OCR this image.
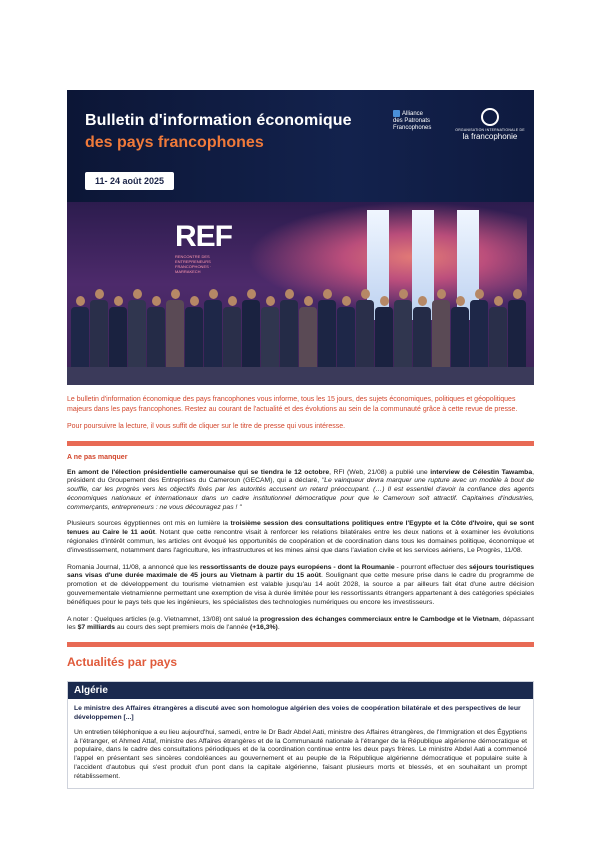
Bulletin d'information économique
des pays francophones
11- 24 août 2025
Alliance
des Patronats
Francophones	ORGANISATION INTERNATIONALE DE
la francophonie
REF
RENCONTRE DES ENTREPRENEURS FRANCOPHONES · MARRAKECH

Le bulletin d'information économique des pays francophones vous informe, tous les 15 jours, des sujets économiques, politiques et géopolitiques majeurs dans les pays francophones. Restez au courant de l'actualité et des évolutions au sein de la communauté grâce à cette revue de presse.

Pour poursuivre la lecture, il vous suffit de cliquer sur le titre de presse qui vous intéresse.

A ne pas manquer

En amont de l'élection présidentielle camerounaise qui se tiendra le 12 octobre, RFI (Web, 21/08) a publié une interview de Célestin Tawamba, président du Groupement des Entreprises du Cameroun (GECAM), qui a déclaré, "Le vainqueur devra marquer une rupture avec un modèle à bout de souffle, car les progrès vers les objectifs fixés par les autorités accusent un retard préoccupant. (…) Il est essentiel d'avoir la confiance des agents économiques nationaux et internationaux dans un cadre institutionnel démocratique pour que le Cameroun soit attractif. Capitaines d'industries, commerçants, entrepreneurs : ne vous découragez pas ! "

Plusieurs sources égyptiennes ont mis en lumière la troisième session des consultations politiques entre l'Egypte et la Côte d'Ivoire, qui se sont tenues au Caire le 11 août. Notant que cette rencontre visait à renforcer les relations bilatérales entre les deux nations et à examiner les évolutions régionales d'intérêt commun, les articles ont évoqué les opportunités de coopération et de coordination dans tous les domaines politique, économique et d'investissement, notamment dans l'agriculture, les infrastructures et les mines ainsi que dans l'aviation civile et les services aériens, Le Progrès, 11/08.

Romania Journal, 11/08, a annoncé que les ressortissants de douze pays européens - dont la Roumanie - pourront effectuer des séjours touristiques sans visas d'une durée maximale de 45 jours au Vietnam à partir du 15 août. Soulignant que cette mesure prise dans le cadre du programme de promotion et de développement du tourisme vietnamien est valable jusqu'au 14 août 2028, la source a par ailleurs fait état d'une autre décision gouvernementale vietnamienne permettant une exemption de visa à durée limitée pour les ressortissants étrangers appartenant à des catégories spéciales bénéfiques pour le pays tels que les ingénieurs, les spécialistes des technologies numériques ou encore les investisseurs.

A noter : Quelques articles (e.g. Vietnamnet, 13/08) ont salué la progression des échanges commerciaux entre le Cambodge et le Vietnam, dépassant les $7 milliards au cours des sept premiers mois de l'année (+16,3%).

Actualités par pays
Algérie
Le ministre des Affaires étrangères a discuté avec son homologue algérien des voies de coopération bilatérale et des perspectives de leur développemen [...]
Un entretien téléphonique a eu lieu aujourd'hui, samedi, entre le Dr Badr Abdel Aati, ministre des Affaires étrangères, de l'Immigration et des Égyptiens à l'étranger, et Ahmed Attaf, ministre des Affaires étrangères et de la Communauté nationale à l'étranger de la République algérienne démocratique et populaire, dans le cadre des consultations périodiques et de la coordination continue entre les deux pays frères. Le ministre Abdel Aati a commencé l'appel en présentant ses sincères condoléances au gouvernement et au peuple de la République algérienne démocratique et populaire suite à l'accident d'autobus qui s'est produit d'un pont dans la capitale algérienne, faisant plusieurs morts et blessés, et en souhaitant un prompt rétablissement.
